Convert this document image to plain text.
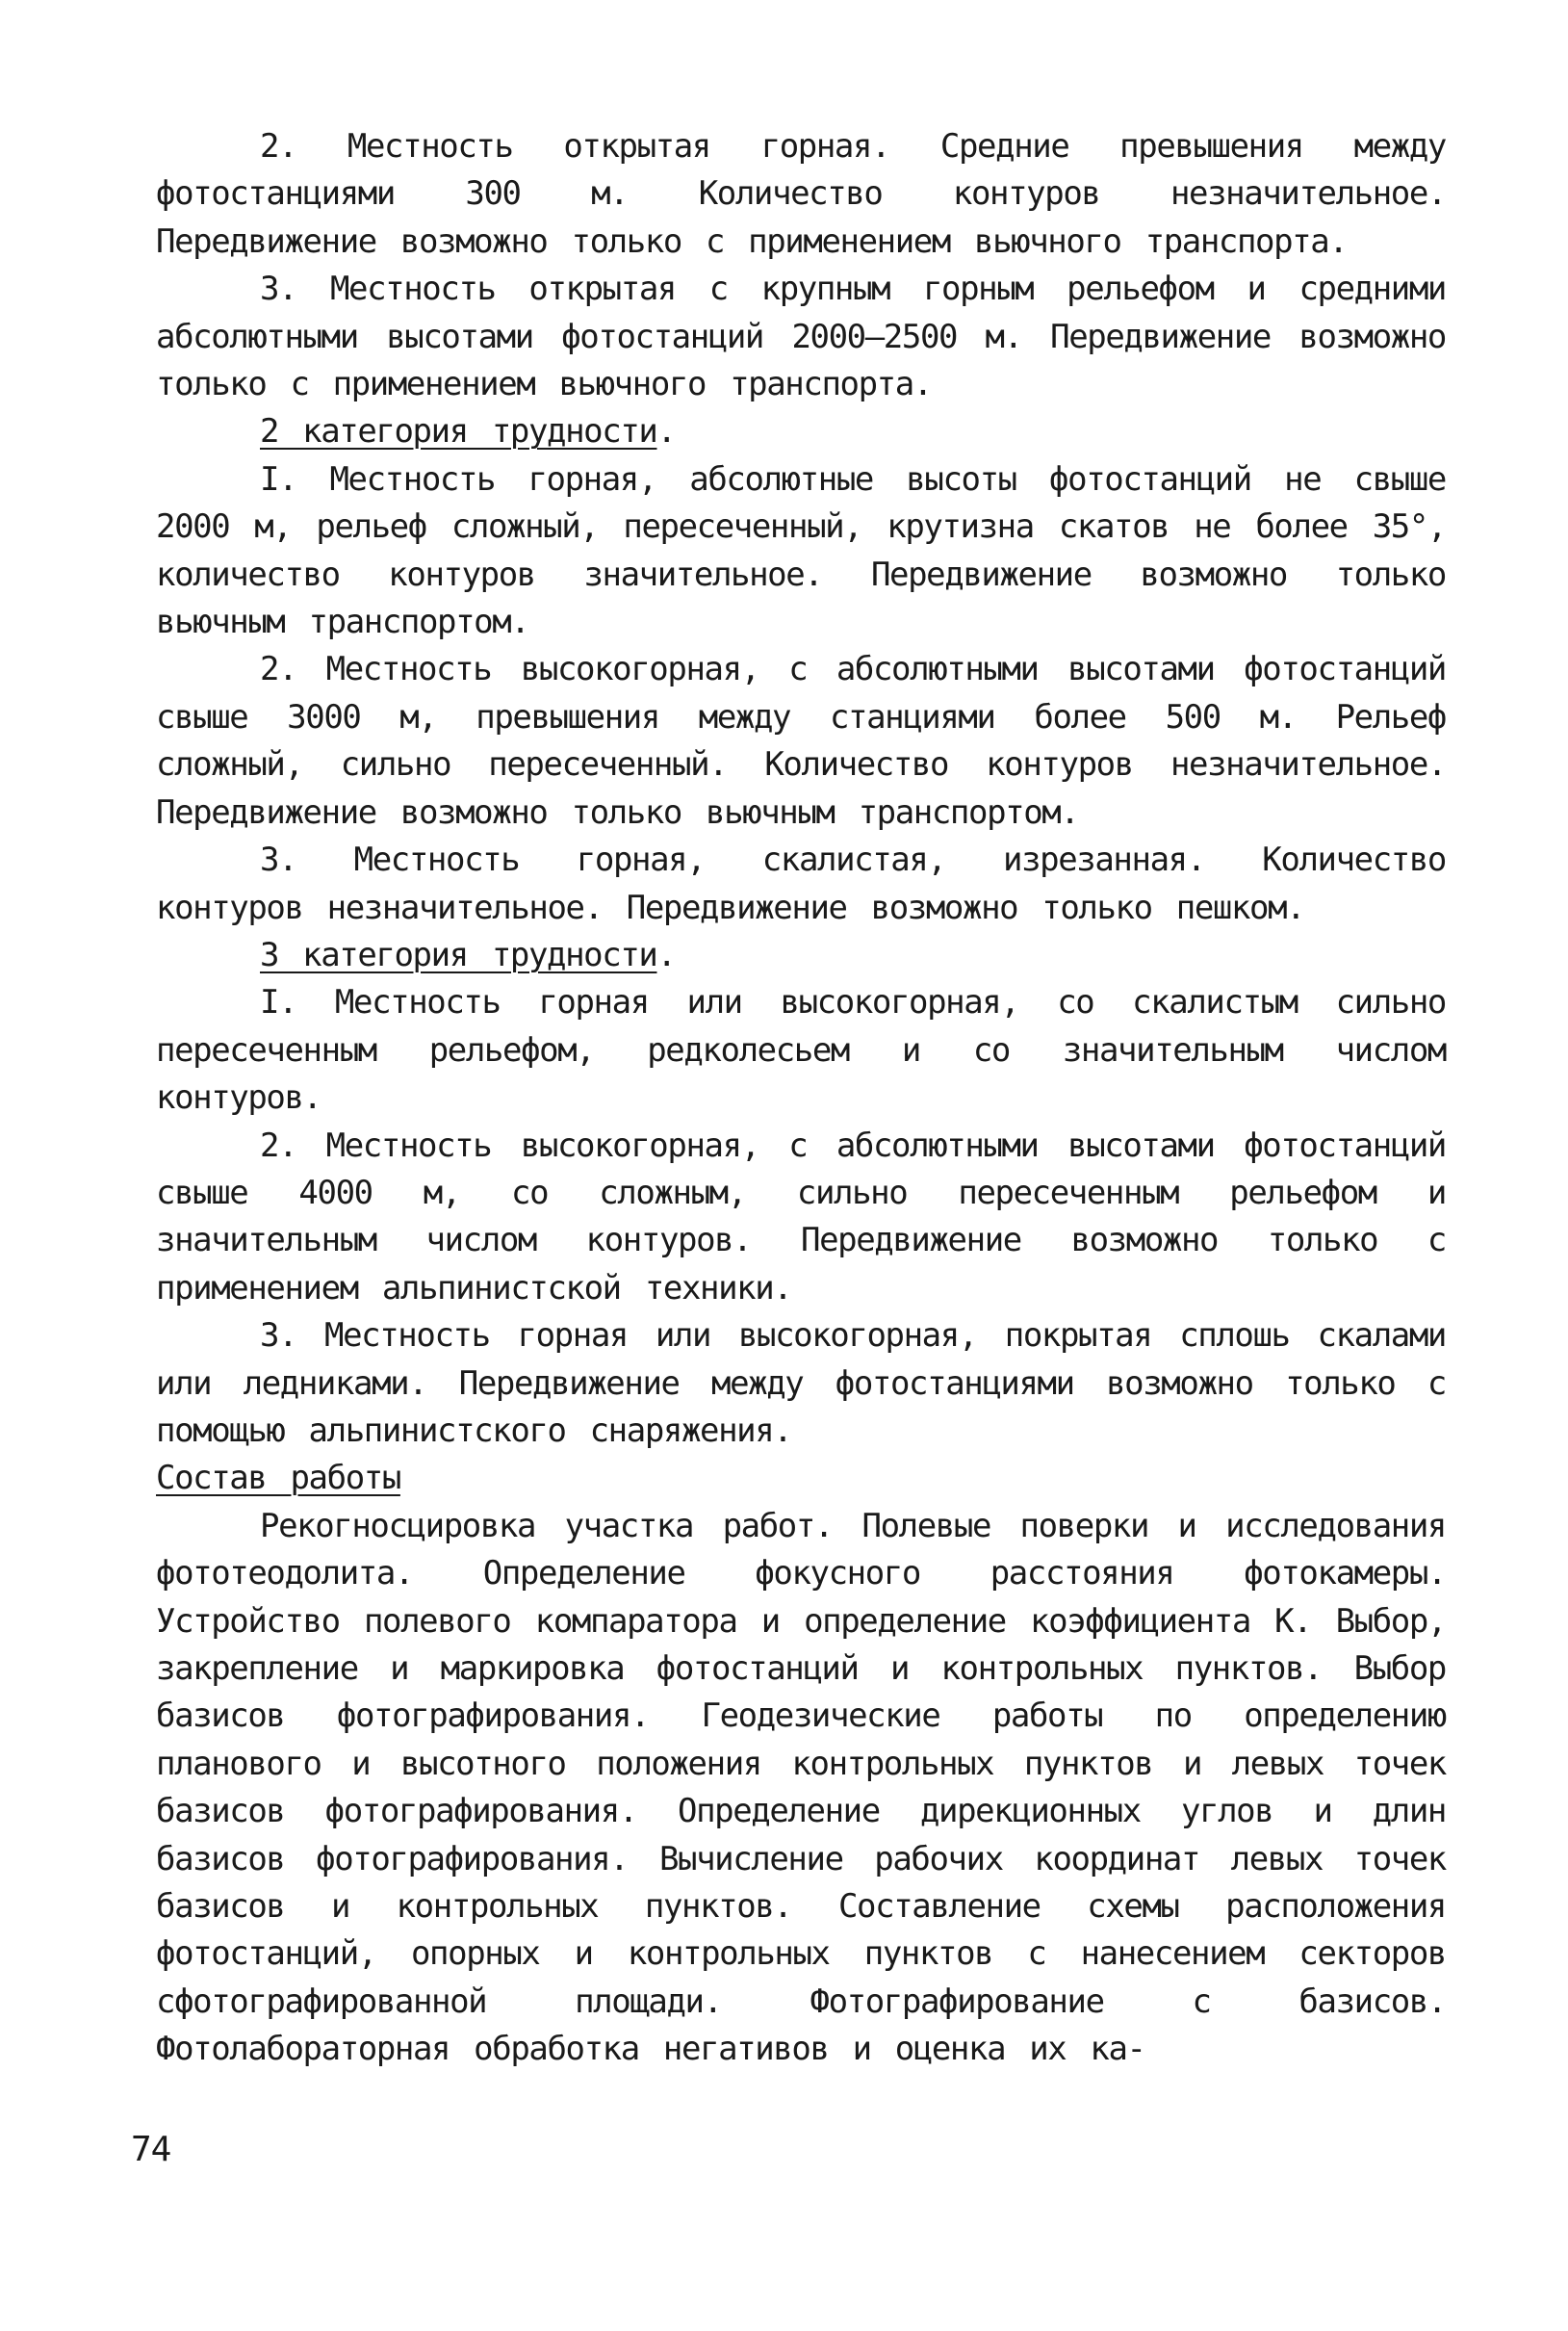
2. Местность открытая горная. Средние превышения между фотостанциями 300 м. Количество контуров незначительное. Передвижение возможно только с применением вьючного транспорта.

3. Местность открытая с крупным горным рельефом и средними абсолютными высотами фотостанций 2000–2500 м. Передвижение возможно только с применением вьючного транспорта.

2 категория трудности.

I. Местность горная, абсолютные высоты фотостанций не свыше 2000 м, рельеф сложный, пересеченный, крутизна скатов не более 35°, количество контуров значительное. Передвижение возможно только вьючным транспортом.

2. Местность высокогорная, с абсолютными высотами фотостанций свыше 3000 м, превышения между станциями более 500 м. Рельеф сложный, сильно пересеченный. Количество контуров незначительное. Передвижение возможно только вьючным транспортом.

3. Местность горная, скалистая, изрезанная. Количество контуров незначительное. Передвижение возможно только пешком.

3 категория трудности.

I. Местность горная или высокогорная, со скалистым сильно пересеченным рельефом, редколесьем и со значительным числом контуров.

2. Местность высокогорная, с абсолютными высотами фотостанций свыше 4000 м, со сложным, сильно пересеченным рельефом и значительным числом контуров. Передвижение возможно только с применением альпинистской техники.

3. Местность горная или высокогорная, покрытая сплошь скалами или ледниками. Передвижение между фотостанциями возможно только с помощью альпинистского снаряжения.

Состав работы

Рекогносцировка участка работ. Полевые поверки и исследования фототеодолита. Определение фокусного расстояния фотокамеры. Устройство полевого компаратора и определение коэффициента К. Выбор, закрепление и маркировка фотостанций и контрольных пунктов. Выбор базисов фотографирования. Геодезические работы по определению планового и высотного положения контрольных пунктов и левых точек базисов фотографирования. Определение дирекционных углов и длин базисов фотографирования. Вычисление рабочих координат левых точек базисов и контрольных пунктов. Составление схемы расположения фотостанций, опорных и контрольных пунктов с нанесением секторов сфотографированной площади. Фотографирование с базисов. Фотолабораторная обработка негативов и оценка их ка-

74
